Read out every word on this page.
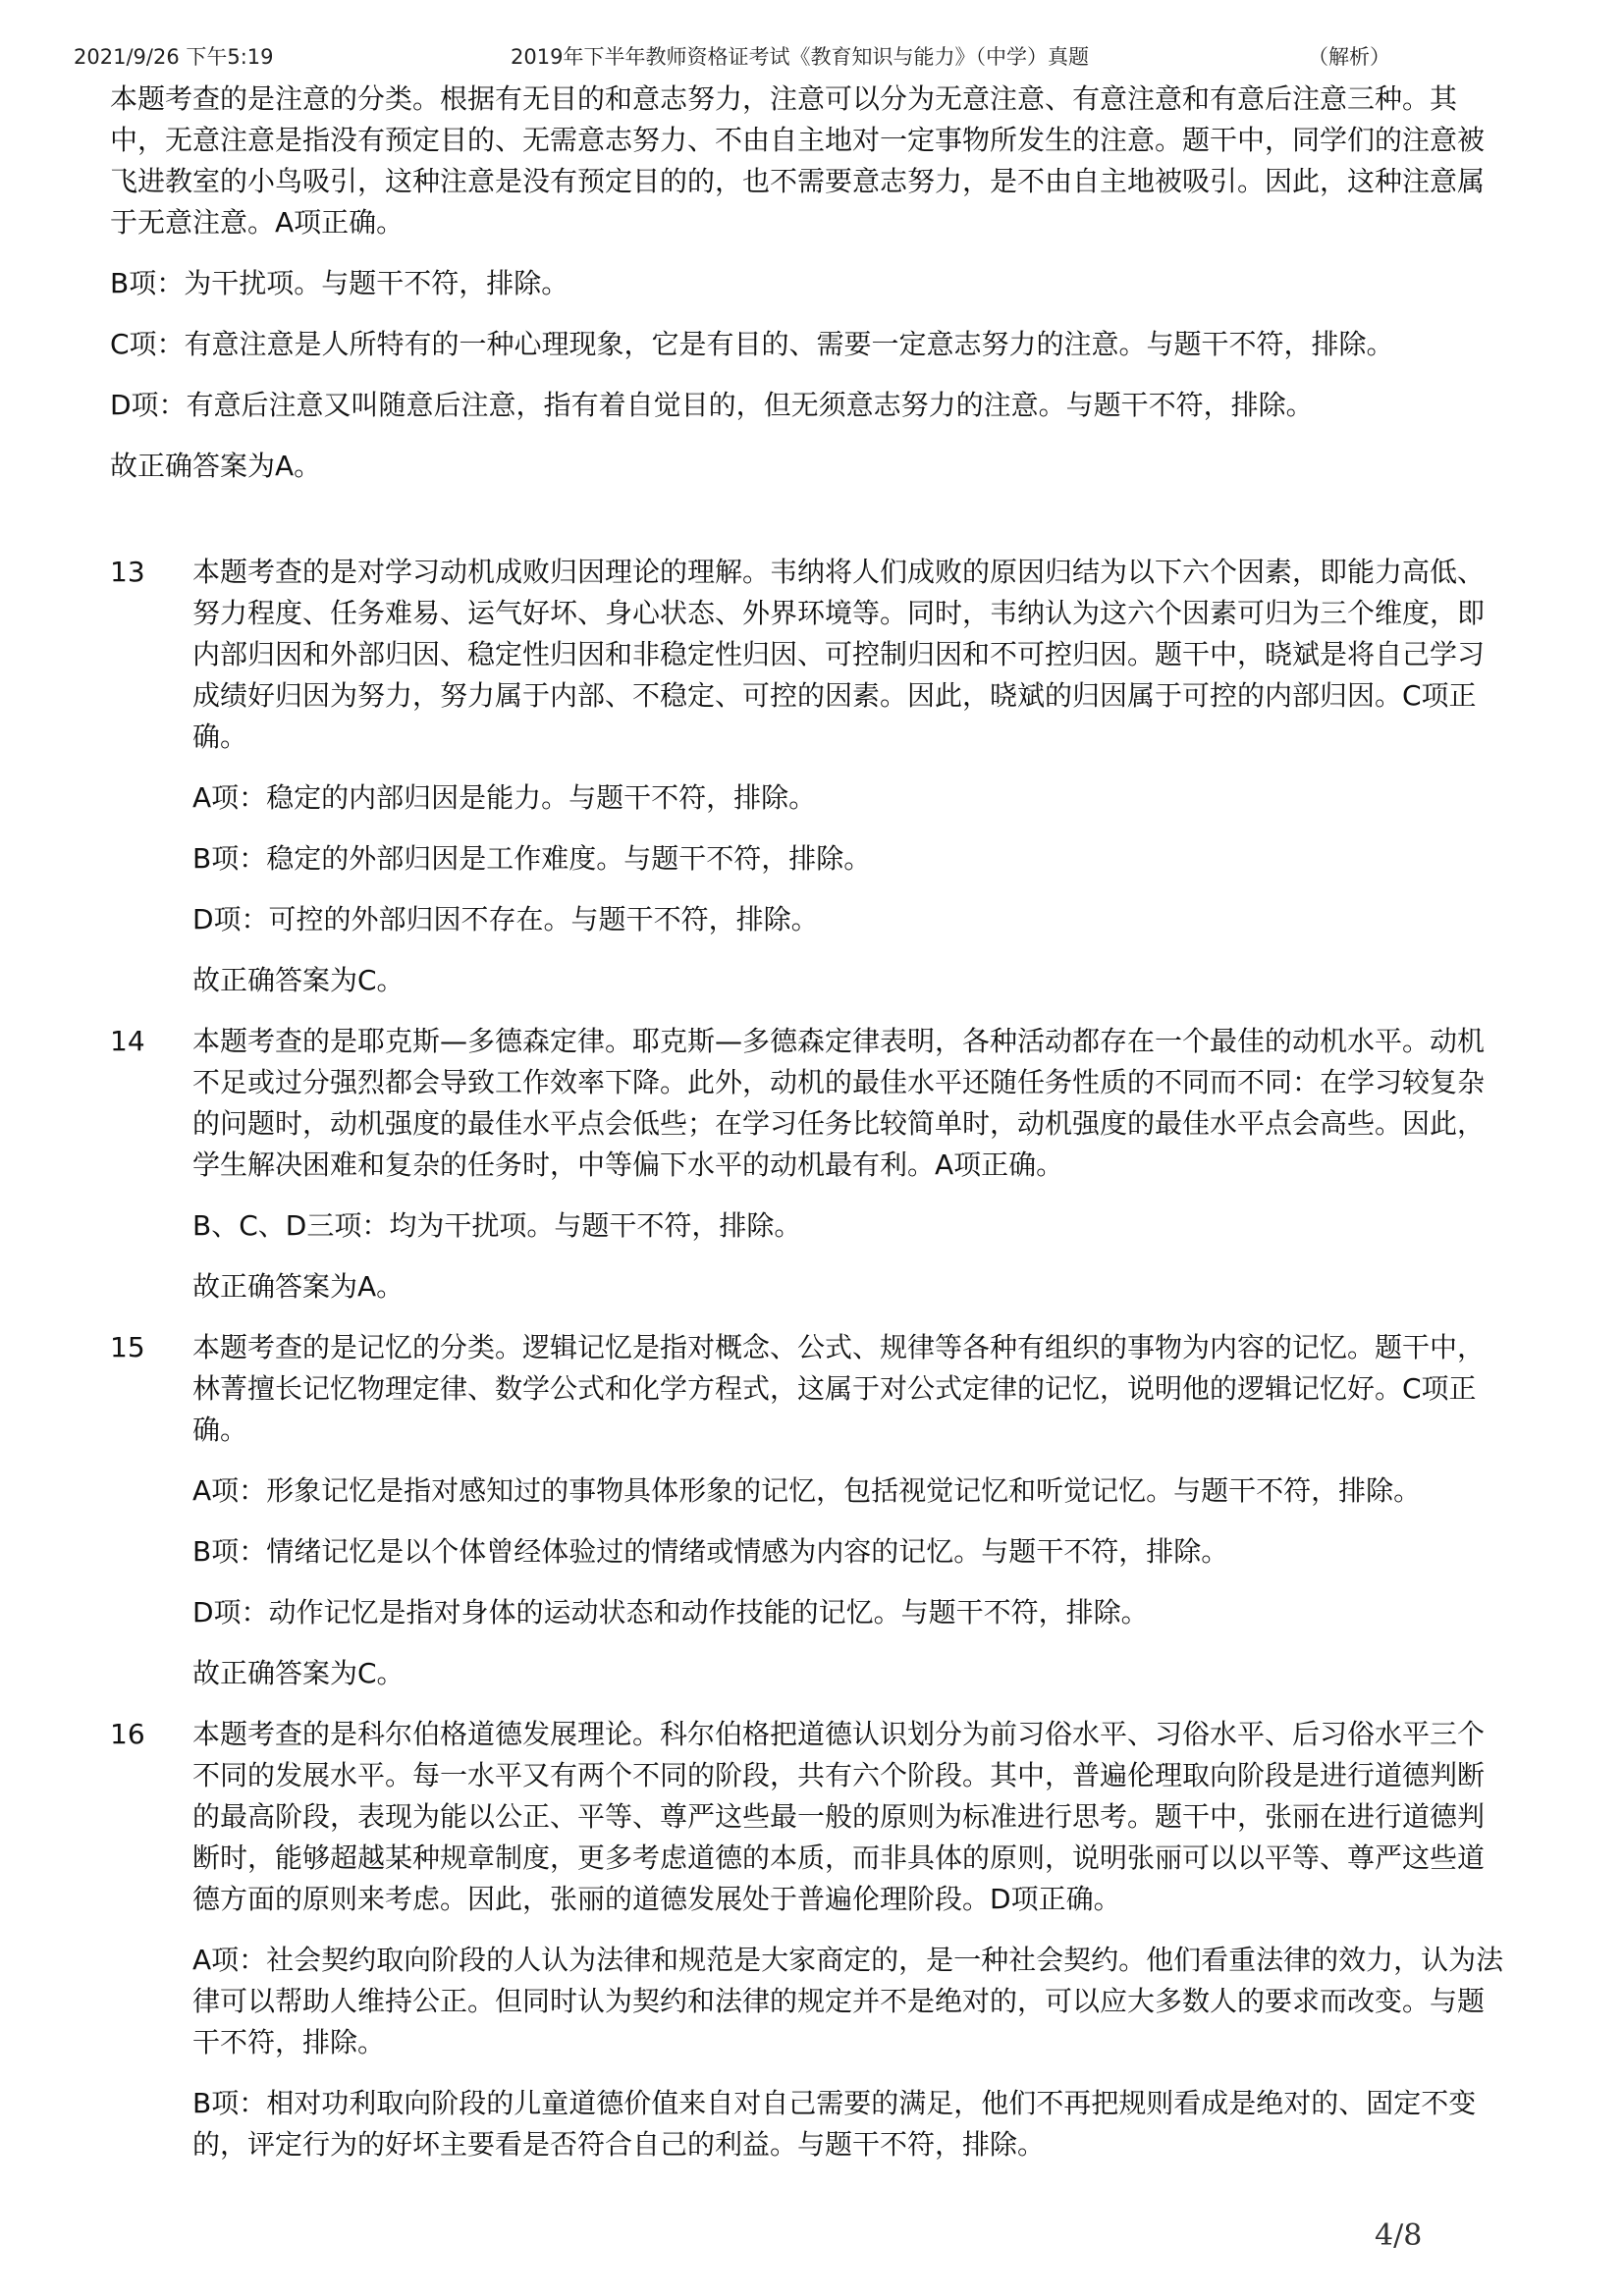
2021/9/26 下午5:19	2019年下半年教师资格证考试《教育知识与能力》（中学）真题	（解析）

本题考查的是注意的分类。根据有无目的和意志努力，注意可以分为无意注意、有意注意和有意后注意三种。其中，无意注意是指没有预定目的、无需意志努力、不由自主地对一定事物所发生的注意。题干中，同学们的注意被飞进教室的小鸟吸引，这种注意是没有预定目的的，也不需要意志努力，是不由自主地被吸引。因此，这种注意属于无意注意。A项正确。

B项：为干扰项。与题干不符，排除。

C项：有意注意是人所特有的一种心理现象，它是有目的、需要一定意志努力的注意。与题干不符，排除。

D项：有意后注意又叫随意后注意，指有着自觉目的，但无须意志努力的注意。与题干不符，排除。

故正确答案为A。

13	本题考查的是对学习动机成败归因理论的理解。韦纳将人们成败的原因归结为以下六个因素，即能力高低、努力程度、任务难易、运气好坏、身心状态、外界环境等。同时，韦纳认为这六个因素可归为三个维度，即内部归因和外部归因、稳定性归因和非稳定性归因、可控制归因和不可控归因。题干中，晓斌是将自己学习成绩好归因为努力，努力属于内部、不稳定、可控的因素。因此，晓斌的归因属于可控的内部归因。C项正确。

A项：稳定的内部归因是能力。与题干不符，排除。

B项：稳定的外部归因是工作难度。与题干不符，排除。

D项：可控的外部归因不存在。与题干不符，排除。

故正确答案为C。

14	本题考查的是耶克斯—多德森定律。耶克斯—多德森定律表明，各种活动都存在一个最佳的动机水平。动机不足或过分强烈都会导致工作效率下降。此外，动机的最佳水平还随任务性质的不同而不同：在学习较复杂的问题时，动机强度的最佳水平点会低些；在学习任务比较简单时，动机强度的最佳水平点会高些。因此，学生解决困难和复杂的任务时，中等偏下水平的动机最有利。A项正确。

B、C、D三项：均为干扰项。与题干不符，排除。

故正确答案为A。

15	本题考查的是记忆的分类。逻辑记忆是指对概念、公式、规律等各种有组织的事物为内容的记忆。题干中，林菁擅长记忆物理定律、数学公式和化学方程式，这属于对公式定律的记忆，说明他的逻辑记忆好。C项正确。

A项：形象记忆是指对感知过的事物具体形象的记忆，包括视觉记忆和听觉记忆。与题干不符，排除。

B项：情绪记忆是以个体曾经体验过的情绪或情感为内容的记忆。与题干不符，排除。

D项：动作记忆是指对身体的运动状态和动作技能的记忆。与题干不符，排除。

故正确答案为C。

16	本题考查的是科尔伯格道德发展理论。科尔伯格把道德认识划分为前习俗水平、习俗水平、后习俗水平三个不同的发展水平。每一水平又有两个不同的阶段，共有六个阶段。其中，普遍伦理取向阶段是进行道德判断的最高阶段，表现为能以公正、平等、尊严这些最一般的原则为标准进行思考。题干中，张丽在进行道德判断时，能够超越某种规章制度，更多考虑道德的本质，而非具体的原则，说明张丽可以以平等、尊严这些道德方面的原则来考虑。因此，张丽的道德发展处于普遍伦理阶段。D项正确。

A项：社会契约取向阶段的人认为法律和规范是大家商定的，是一种社会契约。他们看重法律的效力，认为法律可以帮助人维持公正。但同时认为契约和法律的规定并不是绝对的，可以应大多数人的要求而改变。与题干不符，排除。

B项：相对功利取向阶段的儿童道德价值来自对自己需要的满足，他们不再把规则看成是绝对的、固定不变的，评定行为的好坏主要看是否符合自己的利益。与题干不符，排除。

4/8
